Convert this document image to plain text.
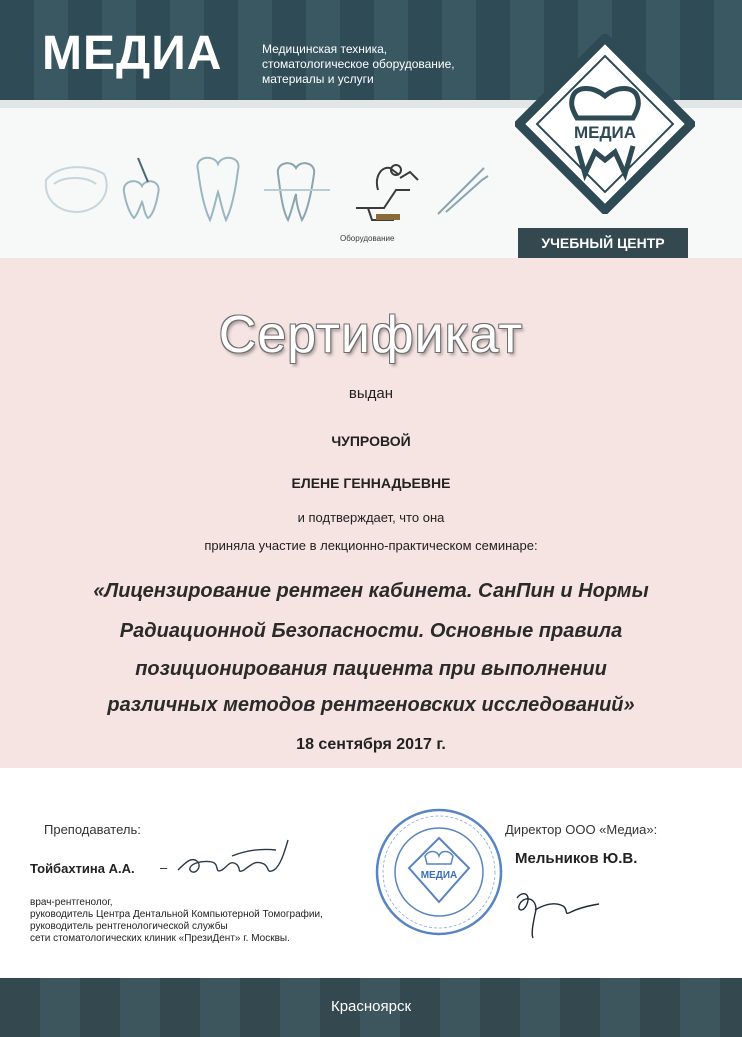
МЕДИА	Медицинская техника,
стоматологическое оборудование,
материалы и услуги
МЕДИА
УЧЕБНЫЙ ЦЕНТР
Оборудование
Сертификат
выдан
ЧУПРОВОЙ
ЕЛЕНЕ ГЕННАДЬЕВНЕ
и подтверждает, что она
приняла участие в лекционно-практическом семинаре:
«Лицензирование рентген кабинета. СанПин и Нормы
Радиационной Безопасности. Основные правила
позиционирования пациента при выполнении
различных методов рентгеновских исследований»
18 сентября 2017 г.
Преподаватель:
Тойбахтина А.А. –
врач-рентгенолог,
руководитель Центра Дентальной Компьютерной Томографии,
руководитель рентгенологической службы
сети стоматологических клиник «ПрезиДент» г. Москвы.
МЕДИА
Директор ООО «Медиа»:
Мельников Ю.В.
Красноярск
